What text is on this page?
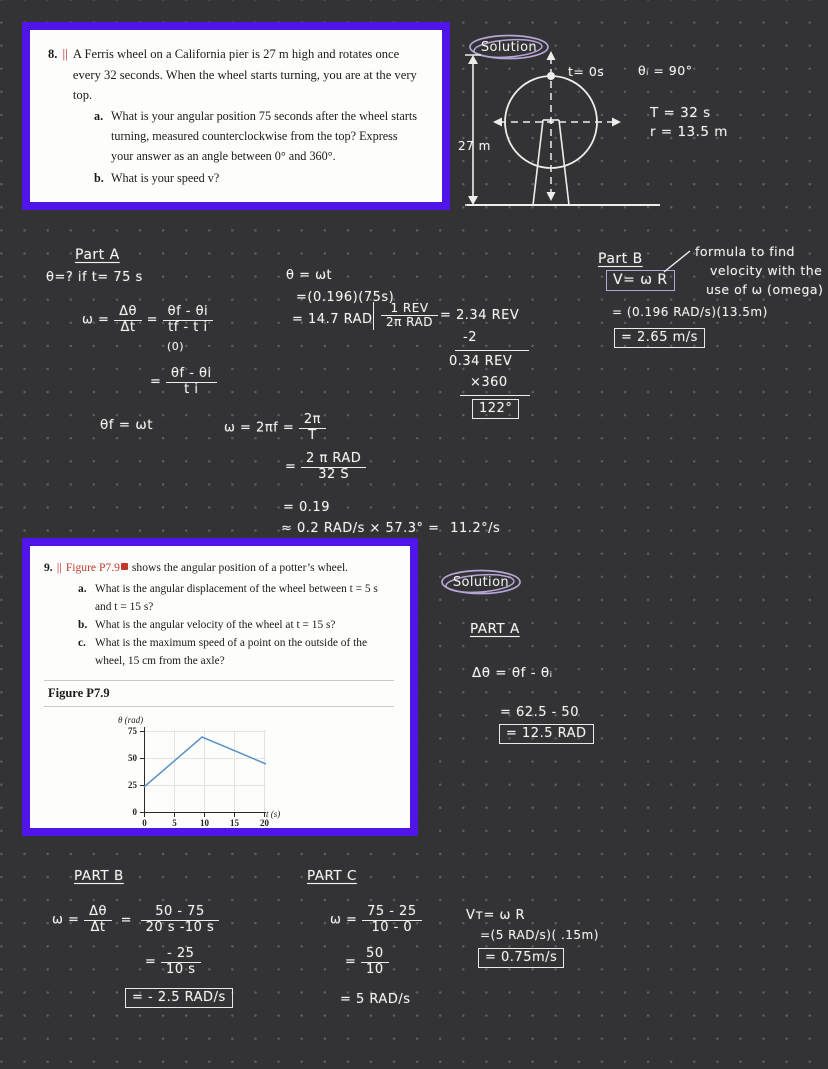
8. || A Ferris wheel on a California pier is 27 m high and rotates once every 32 seconds. When the wheel starts turning, you are at the very top.
a. What is your angular position 75 seconds after the wheel starts turning, measured counterclockwise from the top? Express your answer as an angle between 0° and 360°.
b. What is your speed v?
Solution
27 m
t= 0s	θᵢ = 90°
T = 32 s
r = 13.5 m
Part A
θ=? if t= 75 s
$\omega = \frac{\Delta\theta}{\Delta t} = \frac{\theta f - \theta i}{\text{tf - t i}}$
(0)
= $\frac{\theta f - \theta i}{\text{t i}}$
θf = ωt	$\omega = 2\pi f = \frac{2\pi}{T}$
= $\frac{\text{2 π RAD}}{32 S}$
= 0.19
≈ 0.2 RAD/s × 57.3° = 11.2°/s
θ = ωt
=(0.196)(75s)
= 14.7 RAD $\frac{\text{1 REV}}{\text{2π RAD}} = 2.34$ REV
-2
0.34 REV
×360
122°
Part B
V= ω R
formula to find
velocity with the
use of ω (omega)
= (0.196 RAD/s)(13.5m)
= 2.65 m/s
9. || Figure P7.9 shows the angular position of a potter’s wheel.
a. What is the angular displacement of the wheel between t = 5 s and t = 15 s?
b. What is the angular velocity of the wheel at t = 15 s?
c. What is the maximum speed of a point on the outside of the wheel, 15 cm from the axle?
Figure P7.9
θ (rad)
t (s)
75
50
25
0
0	5	10	15	20
Solution
PART A
Δθ = θf - θᵢ
= 62.5 - 50
= 12.5 RAD
PART B
$\omega = \frac{\Delta\theta}{\Delta t} = \frac{50 - 75}{20 s -10 s}$
= $\frac{- 25}{10 s}$
= - 2.5 RAD/s
PART C
$\omega = \frac{75 - 25}{10 - 0}$
= $\frac{50}{10}$
= 5 RAD/s
Vᴛ= ω R
=(5 RAD/s)( .15m)
= 0.75m/s
